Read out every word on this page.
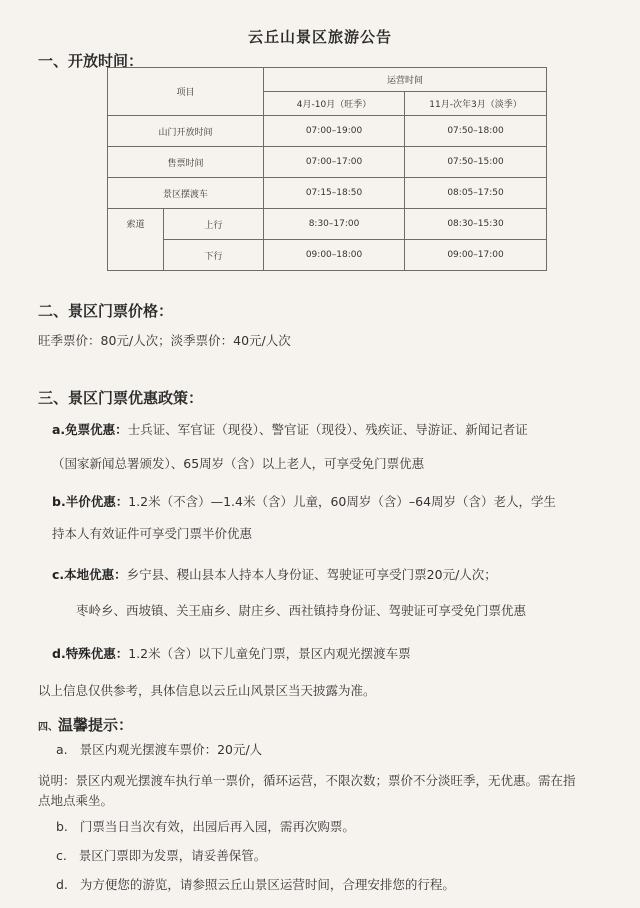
云丘山景区旅游公告
一、开放时间：
项目		运营时间	
		4月-10月（旺季）	11月-次年3月（淡季）
山门开放时间		07:00–19:00	07:50–18:00
售票时间		07:00–17:00	07:50–15:00
景区摆渡车		07:15–18:50	08:05–17:50
索道	上行	8:30–17:00	08:30–15:30
	下行	09:00–18:00	09:00–17:00
二、景区门票价格：
旺季票价：80元/人次；淡季票价：40元/人次
三、景区门票优惠政策：
a.免票优惠：士兵证、军官证（现役）、警官证（现役）、残疾证、导游证、新闻记者证
（国家新闻总署颁发）、65周岁（含）以上老人，可享受免门票优惠
b.半价优惠：1.2米（不含）—1.4米（含）儿童，60周岁（含）–64周岁（含）老人，学生
持本人有效证件可享受门票半价优惠
c.本地优惠：乡宁县、稷山县本人持本人身份证、驾驶证可享受门票20元/人次；
枣岭乡、西坡镇、关王庙乡、尉庄乡、西社镇持身份证、驾驶证可享受免门票优惠
d.特殊优惠：1.2米（含）以下儿童免门票，景区内观光摆渡车票
以上信息仅供参考，具体信息以云丘山风景区当天披露为准。
四、温馨提示：
a. 景区内观光摆渡车票价：20元/人
说明：景区内观光摆渡车执行单一票价，循环运营，不限次数；票价不分淡旺季，无优惠。需在指
点地点乘坐。
b. 门票当日当次有效，出园后再入园，需再次购票。
c. 景区门票即为发票，请妥善保管。
d. 为方便您的游览，请参照云丘山景区运营时间，合理安排您的行程。
